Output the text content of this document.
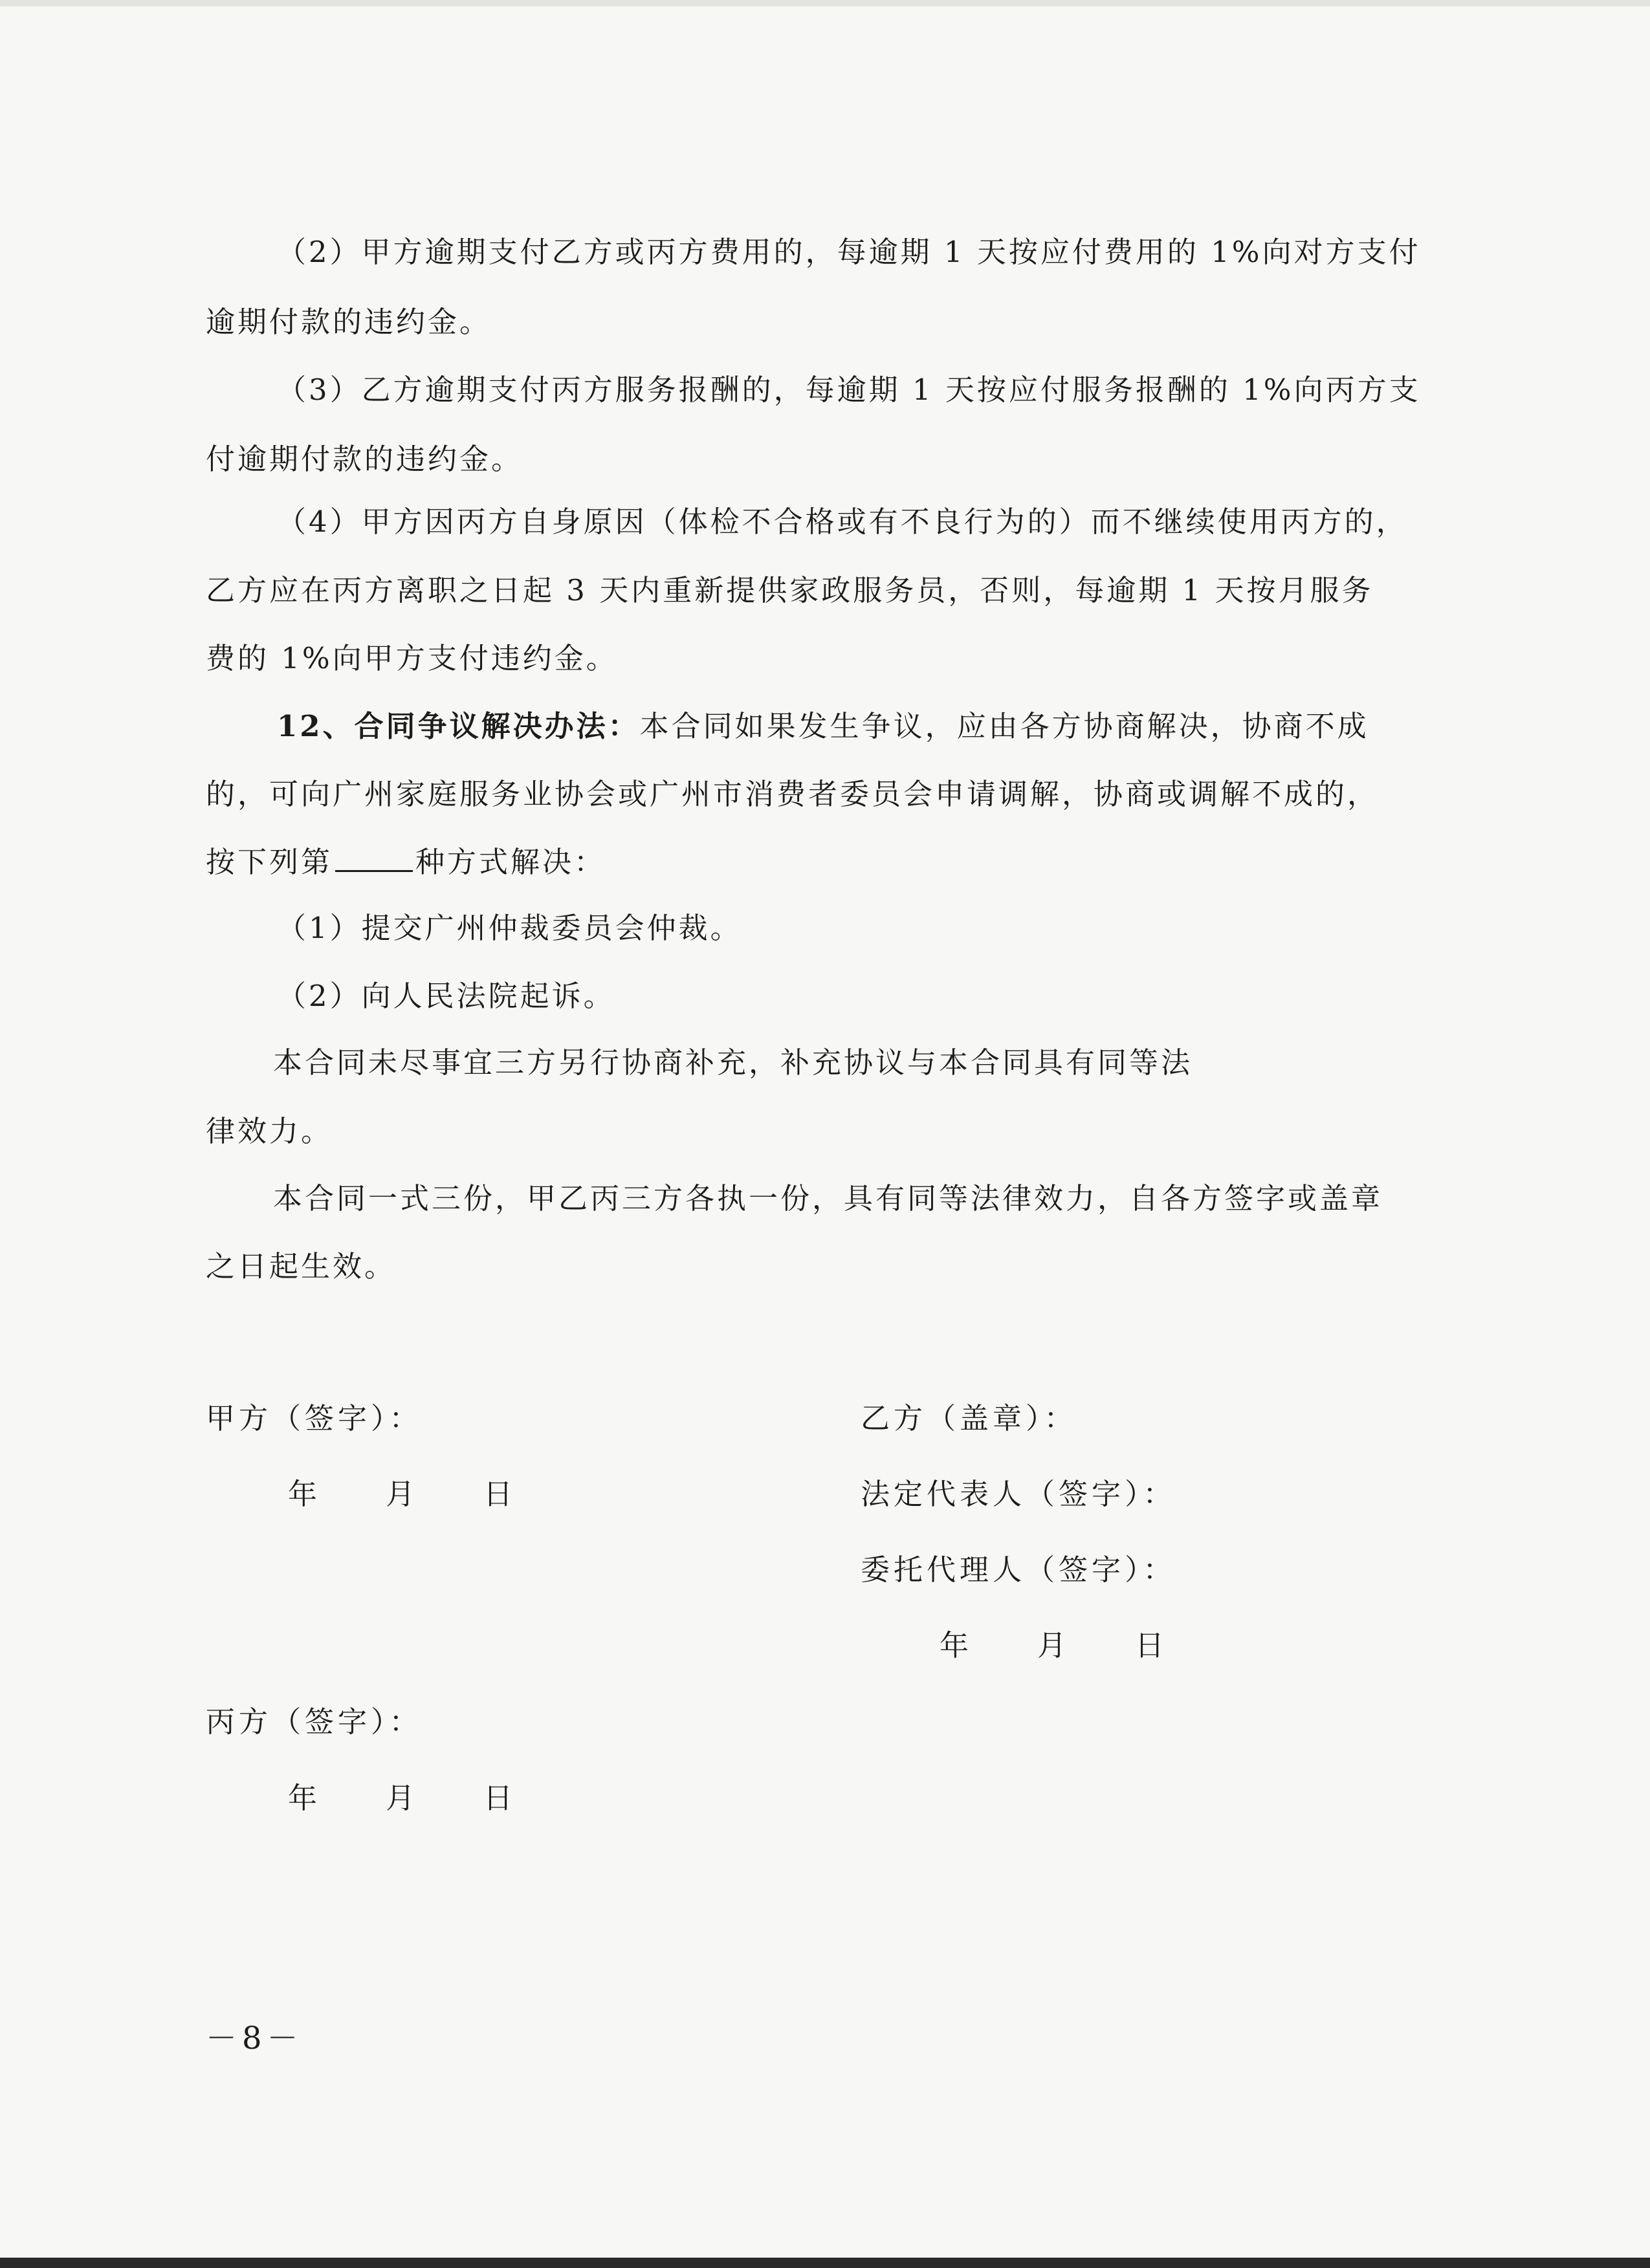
（2）甲方逾期支付乙方或丙方费用的，每逾期 1 天按应付费用的 1%向对方支付
逾期付款的违约金。
（3）乙方逾期支付丙方服务报酬的，每逾期 1 天按应付服务报酬的 1%向丙方支
付逾期付款的违约金。
（4）甲方因丙方自身原因（体检不合格或有不良行为的）而不继续使用丙方的，
乙方应在丙方离职之日起 3 天内重新提供家政服务员，否则，每逾期 1 天按月服务
费的 1%向甲方支付违约金。
12、合同争议解决办法：本合同如果发生争议，应由各方协商解决，协商不成
的，可向广州家庭服务业协会或广州市消费者委员会申请调解，协商或调解不成的，
按下列第	种方式解决：
（1）提交广州仲裁委员会仲裁。
（2）向人民法院起诉。
本合同未尽事宜三方另行协商补充，补充协议与本合同具有同等法
律效力。
本合同一式三份，甲乙丙三方各执一份，具有同等法律效力，自各方签字或盖章
之日起生效。
甲方（签字）：
年 月 日
乙方（盖章）：
法定代表人（签字）：
委托代理人（签字）：
年 月 日
丙方（签字）：
年 月 日
－8－
